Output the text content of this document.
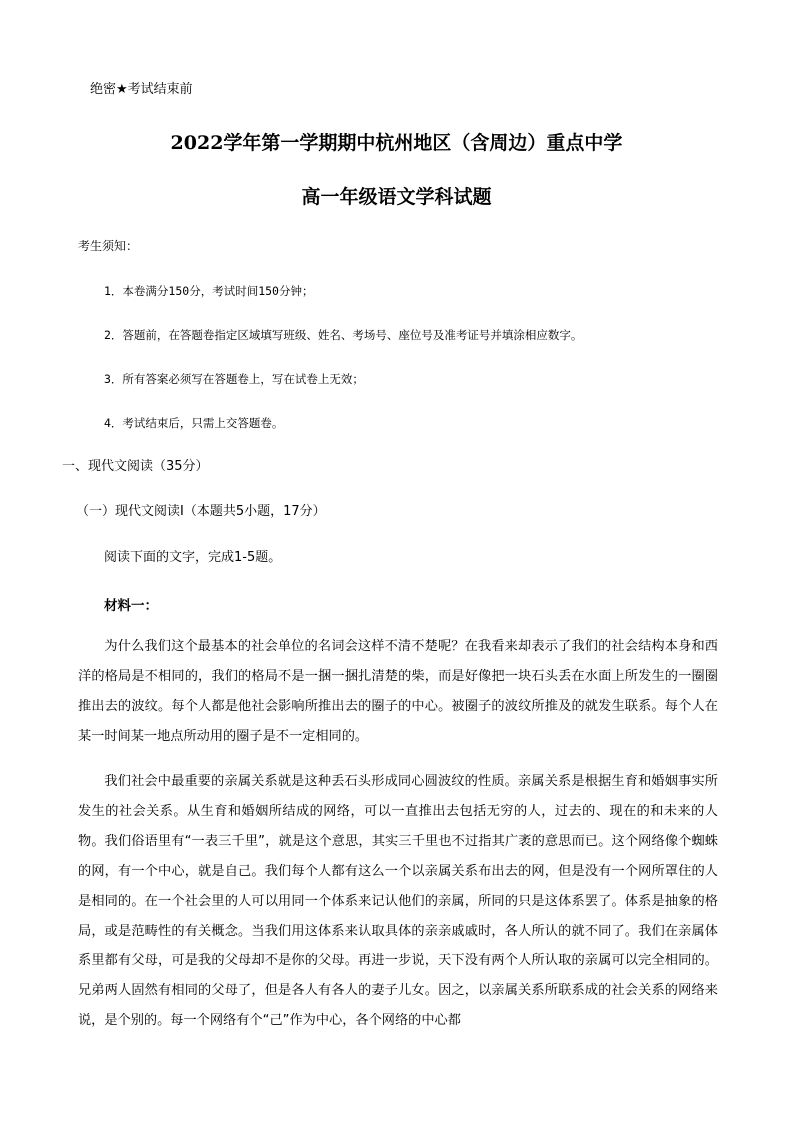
绝密★考试结束前
2022学年第一学期期中杭州地区（含周边）重点中学
高一年级语文学科试题
考生须知：
1．本卷满分150分，考试时间150分钟；
2．答题前，在答题卷指定区域填写班级、姓名、考场号、座位号及准考证号并填涂相应数字。
3．所有答案必须写在答题卷上，写在试卷上无效；
4．考试结束后，只需上交答题卷。
一、现代文阅读（35分）
（一）现代文阅读I（本题共5小题，17分）
阅读下面的文字，完成1-5题。
材料一：
为什么我们这个最基本的社会单位的名词会这样不清不楚呢？在我看来却表示了我们的社会结构本身和西洋的格局是不相同的，我们的格局不是一捆一捆扎清楚的柴，而是好像把一块石头丢在水面上所发生的一圈圈推出去的波纹。每个人都是他社会影响所推出去的圈子的中心。被圈子的波纹所推及的就发生联系。每个人在某一时间某一地点所动用的圈子是不一定相同的。
我们社会中最重要的亲属关系就是这种丢石头形成同心圆波纹的性质。亲属关系是根据生育和婚姻事实所发生的社会关系。从生育和婚姻所结成的网络，可以一直推出去包括无穷的人，过去的、现在的和未来的人物。我们俗语里有“一表三千里”，就是这个意思，其实三千里也不过指其广袤的意思而已。这个网络像个蜘蛛的网，有一个中心，就是自己。我们每个人都有这么一个以亲属关系布出去的网，但是没有一个网所罩住的人是相同的。在一个社会里的人可以用同一个体系来记认他们的亲属，所同的只是这体系罢了。体系是抽象的格局，或是范畴性的有关概念。当我们用这体系来认取具体的亲亲戚戚时，各人所认的就不同了。我们在亲属体系里都有父母，可是我的父母却不是你的父母。再进一步说，天下没有两个人所认取的亲属可以完全相同的。兄弟两人固然有相同的父母了，但是各人有各人的妻子儿女。因之，以亲属关系所联系成的社会关系的网络来说，是个别的。每一个网络有个“己”作为中心，各个网络的中心都
